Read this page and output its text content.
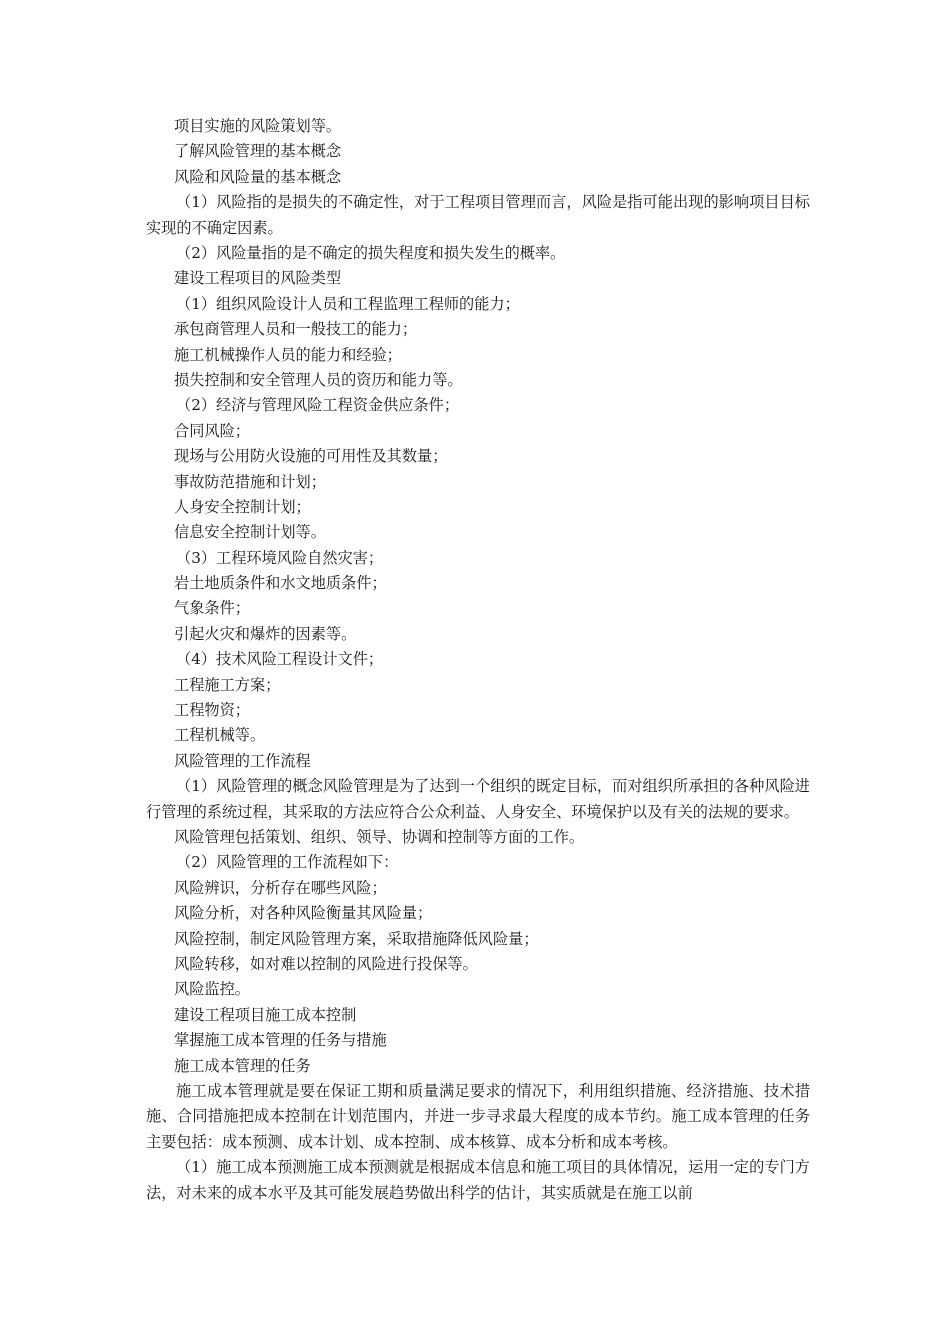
项目实施的风险策划等。
了解风险管理的基本概念
风险和风险量的基本概念
（1）风险指的是损失的不确定性，对于工程项目管理而言，风险是指可能出现的影响项目目标实现的不确定因素。
（2）风险量指的是不确定的损失程度和损失发生的概率。
建设工程项目的风险类型
（1）组织风险设计人员和工程监理工程师的能力；
承包商管理人员和一般技工的能力；
施工机械操作人员的能力和经验；
损失控制和安全管理人员的资历和能力等。
（2）经济与管理风险工程资金供应条件；
合同风险；
现场与公用防火设施的可用性及其数量；
事故防范措施和计划；
人身安全控制计划；
信息安全控制计划等。
（3）工程环境风险自然灾害；
岩土地质条件和水文地质条件；
气象条件；
引起火灾和爆炸的因素等。
（4）技术风险工程设计文件；
工程施工方案；
工程物资；
工程机械等。
风险管理的工作流程
（1）风险管理的概念风险管理是为了达到一个组织的既定目标，而对组织所承担的各种风险进行管理的系统过程，其采取的方法应符合公众利益、人身安全、环境保护以及有关的法规的要求。
风险管理包括策划、组织、领导、协调和控制等方面的工作。
（2）风险管理的工作流程如下：
风险辨识，分析存在哪些风险；
风险分析，对各种风险衡量其风险量；
风险控制，制定风险管理方案，采取措施降低风险量；
风险转移，如对难以控制的风险进行投保等。
风险监控。
建设工程项目施工成本控制
掌握施工成本管理的任务与措施
施工成本管理的任务
施工成本管理就是要在保证工期和质量满足要求的情况下，利用组织措施、经济措施、技术措施、合同措施把成本控制在计划范围内，并进一步寻求最大程度的成本节约。施工成本管理的任务主要包括：成本预测、成本计划、成本控制、成本核算、成本分析和成本考核。
（1）施工成本预测施工成本预测就是根据成本信息和施工项目的具体情况，运用一定的专门方法，对未来的成本水平及其可能发展趋势做出科学的估计，其实质就是在施工以前
